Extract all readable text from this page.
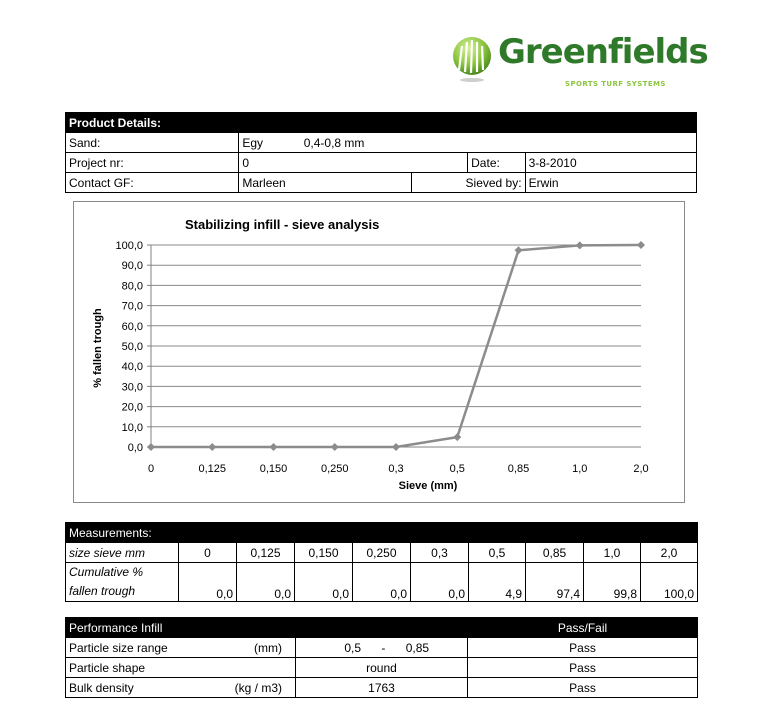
Greenfields
SPORTS TURF SYSTEMS
Product Details:				
Sand:	Egy 0,4-0,8 mm			
Project nr:	0		Date:	3-8-2010
Contact GF:	Marleen	Sieved by:		Erwin
Stabilizing infill - sieve analysis
0,0
10,0
20,0
30,0
40,0
50,0
60,0
70,0
80,0
90,0
100,0
0	0,125	0,150	0,250	0,3	0,5	0,85	1,0	2,0
% fallen trough
Sieve (mm)
Measurements:									
size sieve mm	0	0,125	0,150	0,250	0,3	0,5	0,85	1,0	2,0
Cumulative %
fallen trough	0,0	0,0	0,0	0,0	0,0	4,9	97,4	99,8	100,0
Performance Infill		Pass/Fail
Particle size range (mm)	0,5 - 0,85	Pass
Particle shape	round	Pass
Bulk density (kg / m3)	1763	Pass
